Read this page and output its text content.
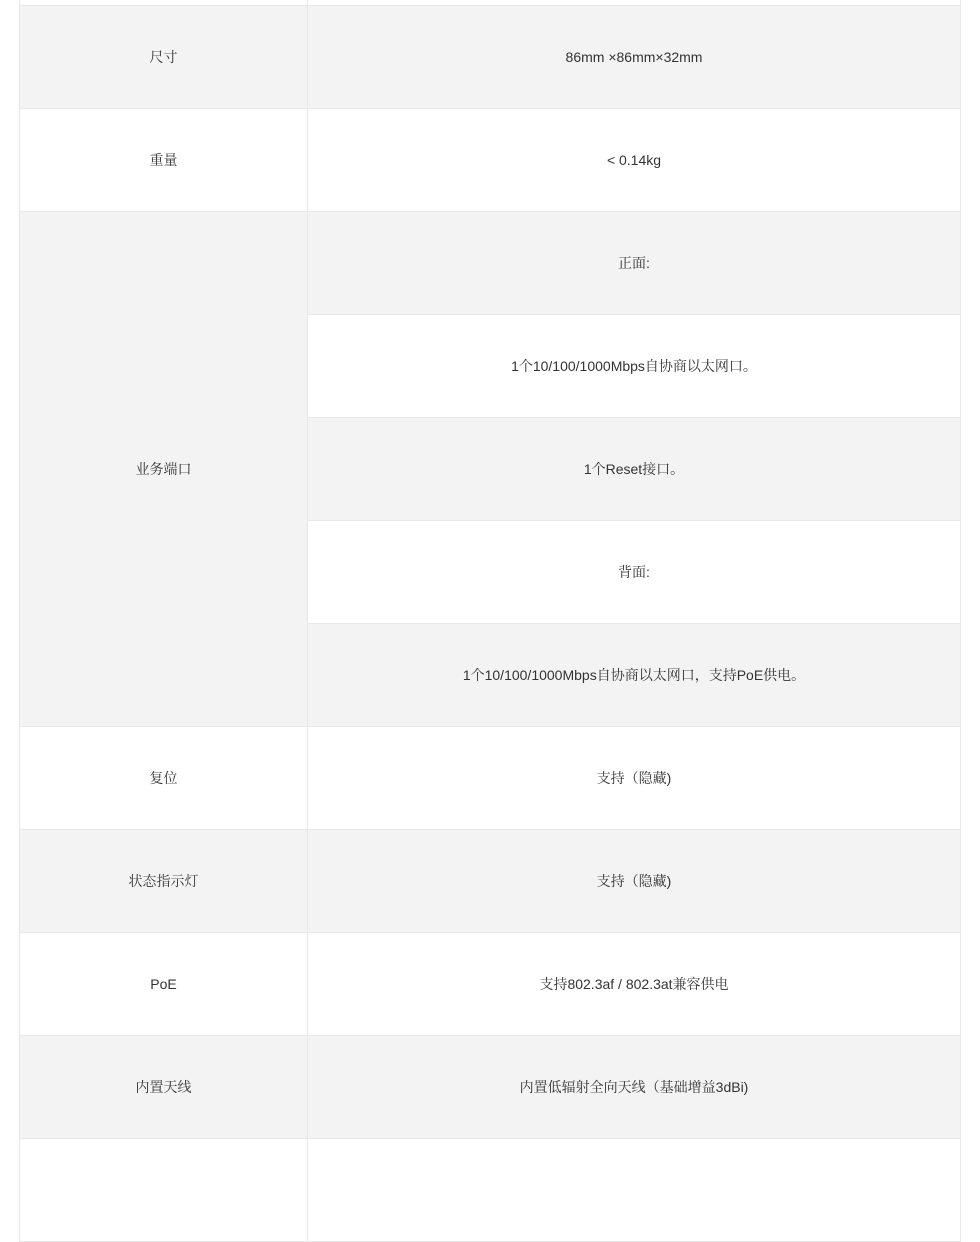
尺寸	86mm ×86mm×32mm
重量	< 0.14kg
业务端口	正面:
	1个10/100/1000Mbps自协商以太网口。
	1个Reset接口。
	背面:
	1个10/100/1000Mbps自协商以太网口，支持PoE供电。
复位	支持（隐藏)
状态指示灯	支持（隐藏)
PoE	支持802.3af / 802.3at兼容供电
内置天线	内置低辐射全向天线（基础增益3dBi)
